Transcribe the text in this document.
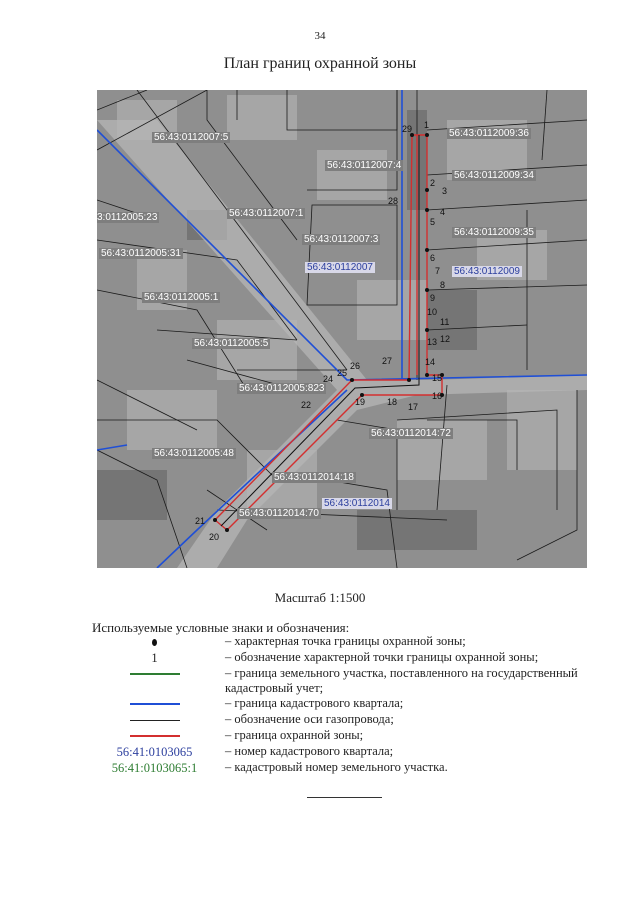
34
План границ охранной зоны
56:43:0112007:5
56:43:0112007:4
56:43:0112007:1
56:43:0112007:3
56:43:0112009:36
56:43:0112009:34
56:43:0112009:35
3:0112005:23
56:43:0112005:31
56:43:0112005:1
56:43:0112005:5
56:43:0112005:823
56:43:0112005:48
56:43:0112014:72
56:43:0112014:18
56:43:0112014:70
56:43:0112007	56:43:0112009
56:43:0112014
1
2
3
4
5
6
7
8
9
10
11
12
13
14
15
16
17
18
19
20
21
22
24
25
26 27
28
29
Масштаб 1:1500
Используемые условные знаки и обозначения:
– характерная точка границы охранной зоны;
1	– обозначение характерной точки границы охранной зоны;
– граница земельного участка, поставленного на государственный кадастровый учет;
– граница кадастрового квартала;
– обозначение оси газопровода;
– граница охранной зоны;
56:41:0103065	– номер кадастрового квартала;
56:41:0103065:1	– кадастровый номер земельного участка.
